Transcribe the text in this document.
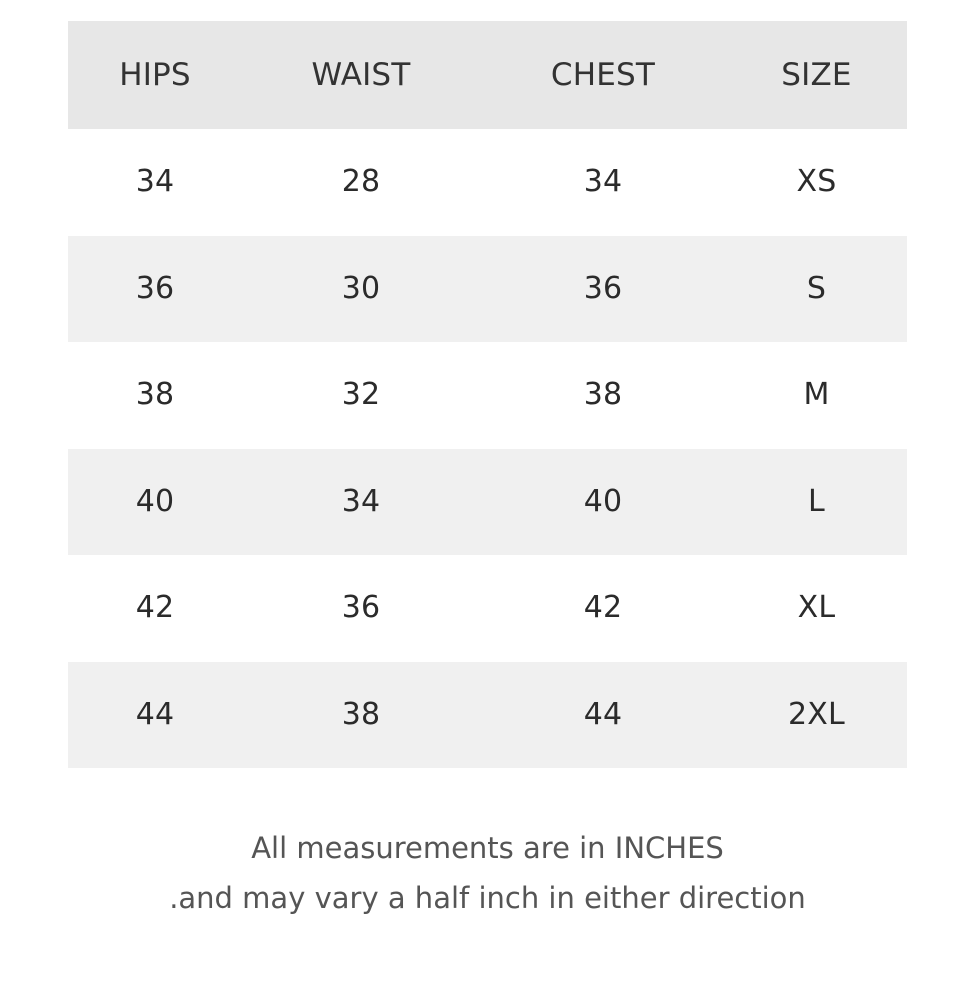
HIPS	WAIST	CHEST	SIZE
34	28	34	XS
36	30	36	S
38	32	38	M
40	34	40	L
42	36	42	XL
44	38	44	2XL
All measurements are in INCHES
.and may vary a half inch in either direction
